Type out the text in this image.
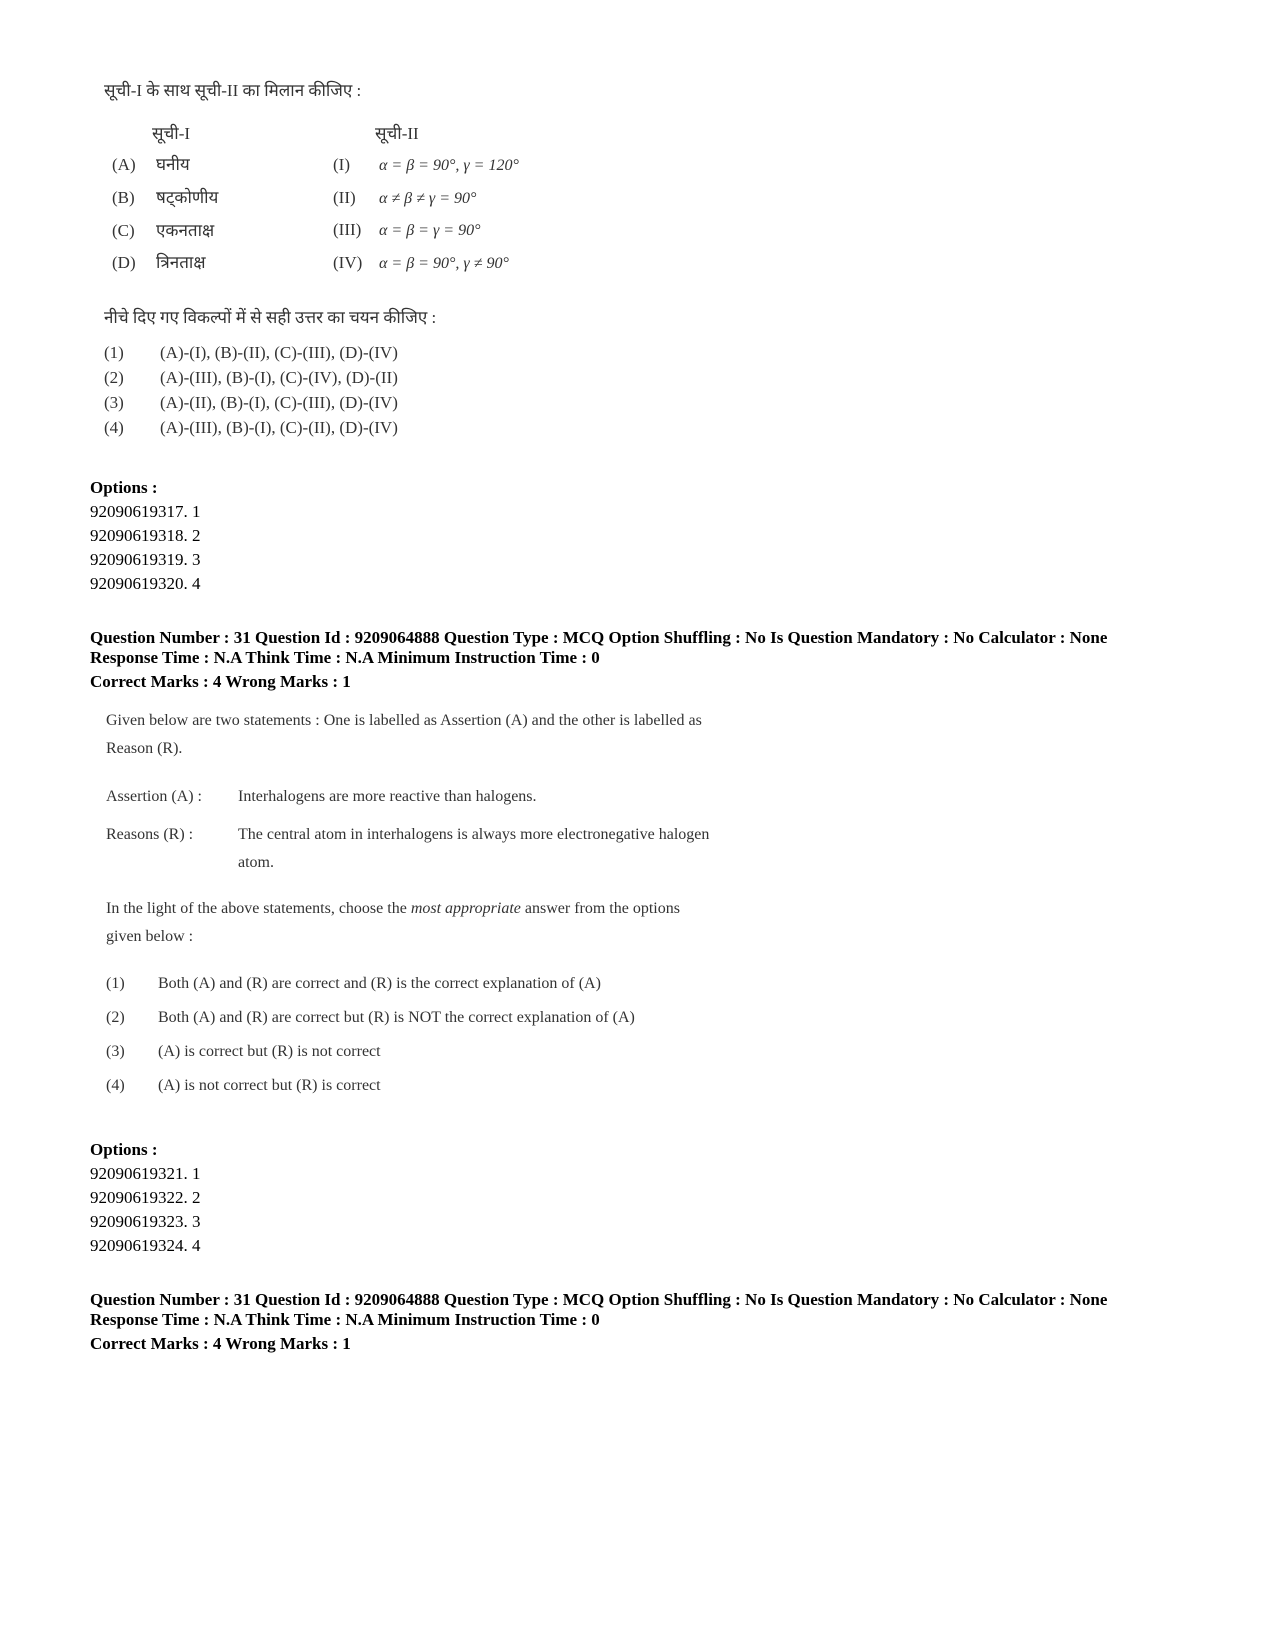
सूची-I के साथ सूची-II का मिलान कीजिए :
सूची-I	सूची-II
(A) घनीय
(B) षट्कोणीय
(C) एकनताक्ष
(D) त्रिनताक्ष
(I) α = β = 90°, γ = 120°
(II) α ≠ β ≠ γ = 90°
(III) α = β = γ = 90°
(IV) α = β = 90°, γ ≠ 90°
नीचे दिए गए विकल्पों में से सही उत्तर का चयन कीजिए :
(1) (A)-(I), (B)-(II), (C)-(III), (D)-(IV)
(2) (A)-(III), (B)-(I), (C)-(IV), (D)-(II)
(3) (A)-(II), (B)-(I), (C)-(III), (D)-(IV)
(4) (A)-(III), (B)-(I), (C)-(II), (D)-(IV)
Options :
92090619317. 1
92090619318. 2
92090619319. 3
92090619320. 4
Question Number : 31 Question Id : 9209064888 Question Type : MCQ Option Shuffling : No Is Question Mandatory : No Calculator : None
Response Time : N.A Think Time : N.A Minimum Instruction Time : 0
Correct Marks : 4 Wrong Marks : 1
Given below are two statements : One is labelled as Assertion (A) and the other is labelled as
Reason (R).
Assertion (A) : Interhalogens are more reactive than halogens.
Reasons (R) :	The central atom in interhalogens is always more electronegative halogen
atom.
In the light of the above statements, choose the most appropriate answer from the options
given below :
(1) Both (A) and (R) are correct and (R) is the correct explanation of (A)
(2) Both (A) and (R) are correct but (R) is NOT the correct explanation of (A)
(3) (A) is correct but (R) is not correct
(4) (A) is not correct but (R) is correct
Options :
92090619321. 1
92090619322. 2
92090619323. 3
92090619324. 4
Question Number : 31 Question Id : 9209064888 Question Type : MCQ Option Shuffling : No Is Question Mandatory : No Calculator : None
Response Time : N.A Think Time : N.A Minimum Instruction Time : 0
Correct Marks : 4 Wrong Marks : 1
